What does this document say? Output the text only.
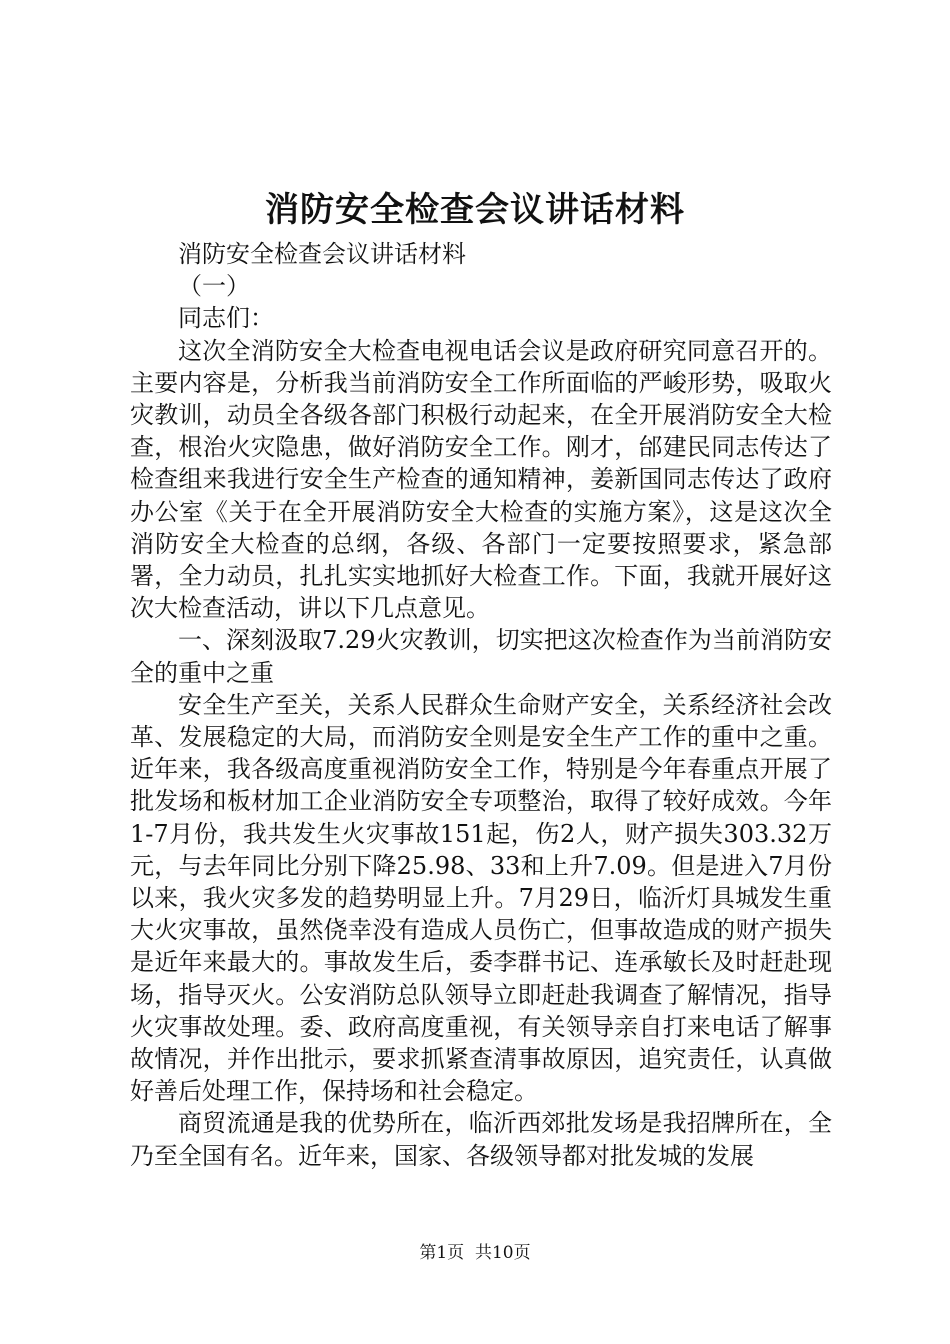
消防安全检查会议讲话材料

消防安全检查会议讲话材料

（一）

同志们：

这次全消防安全大检查电视电话会议是政府研究同意召开的。主要内容是，分析我当前消防安全工作所面临的严峻形势，吸取火灾教训，动员全各级各部门积极行动起来，在全开展消防安全大检查，根治火灾隐患，做好消防安全工作。刚才，邰建民同志传达了检查组来我进行安全生产检查的通知精神，姜新国同志传达了政府办公室《关于在全开展消防安全大检查的实施方案》，这是这次全消防安全大检查的总纲，各级、各部门一定要按照要求，紧急部署，全力动员，扎扎实实地抓好大检查工作。下面，我就开展好这次大检查活动，讲以下几点意见。

一、深刻汲取7.29火灾教训，切实把这次检查作为当前消防安全的重中之重

安全生产至关，关系人民群众生命财产安全，关系经济社会改革、发展稳定的大局，而消防安全则是安全生产工作的重中之重。近年来，我各级高度重视消防安全工作，特别是今年春重点开展了批发场和板材加工企业消防安全专项整治，取得了较好成效。今年1-7月份，我共发生火灾事故151起，伤2人，财产损失303.32万元，与去年同比分别下降25.98、33和上升7.09。但是进入7月份以来，我火灾多发的趋势明显上升。7月29日，临沂灯具城发生重大火灾事故，虽然侥幸没有造成人员伤亡，但事故造成的财产损失是近年来最大的。事故发生后，委李群书记、连承敏长及时赶赴现场，指导灭火。公安消防总队领导立即赶赴我调查了解情况，指导火灾事故处理。委、政府高度重视，有关领导亲自打来电话了解事故情况，并作出批示，要求抓紧查清事故原因，追究责任，认真做好善后处理工作，保持场和社会稳定。

商贸流通是我的优势所在，临沂西郊批发场是我招牌所在，全乃至全国有名。近年来，国家、各级领导都对批发城的发展

第1页  共10页
